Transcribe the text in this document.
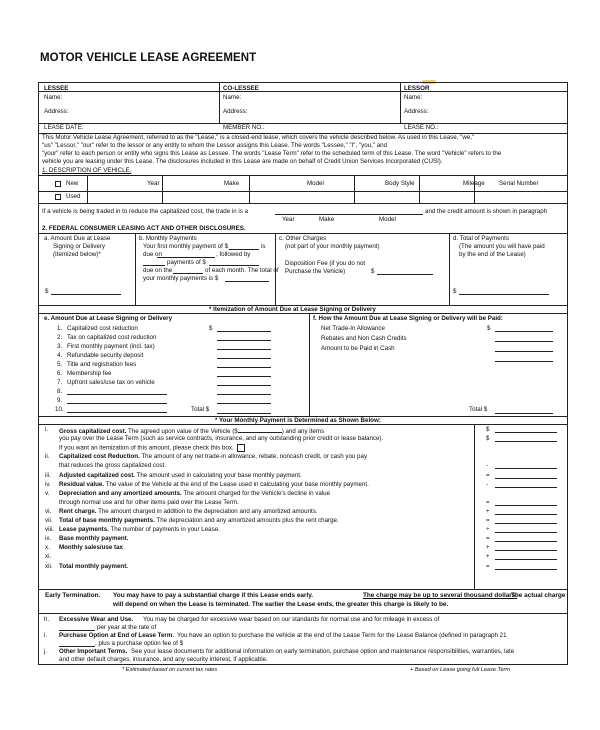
MOTOR VEHICLE LEASE AGREEMENT
LESSEE
Name:
Address:
LEASE DATE:
CO-LESSEE
Name:
Address:
MEMBER NO.:
LESSOR
Name:
Address:
LEASE NO.:
This Motor Vehicle Lease Agreement, referred to as the "Lease," is a closed-end lease, which covers the vehicle described below. As used in this Lease, "we,"
"us" "Lessor," "our" refer to the lessor or any entity to whom the Lessor assigns this Lease. The words "Lessee," "I", "you," and
"your" refer to each person or entity who signs this Lease as Lessee. The words "Lease Term" refer to the scheduled term of this Lease. The word "Vehicle" refers to the
vehicle you are leasing under this Lease. The disclosures included in this Lease are made on behalf of Credit Union Services Incorporated (CUSI).
1. DESCRIPTION OF VEHICLE.
New
Used
Year	Make	Model	Body Style	Mileage Serial Number
If a vehicle is being traded in to reduce the capitalized cost, the trade in is a	and the credit amount is shown in paragraph
Year	Make	Model
2. FEDERAL CONSUMER LEASING ACT AND OTHER DISCLOSURES.
a. Amount Due at Lease
Signing or Delivery
(Itemized below)*
$
b. Monthly Payments
Your first monthly payment of $	is
due on	, followed by
payments of $
due on the	of each month. The total of
your monthly payments is $
c. Other Charges
(not part of your monthly payment)
Disposition Fee (if you do not
Purchase the Vehicle)	$
d. Total of Payments
(The amount you will have paid
by the end of the Lease)
$
* Itemization of Amount Due at Lease Signing or Delivery
e. Amount Due at Lease Signing or Delivery
1. Capitalized cost reduction
2. Tax on capitalized cost reduction
3. First monthly payment (incl. tax)
4. Refundable security deposit
5. Title and registration fees
6. Membership fee
7. Upfront sales/use tax on vehicle
8.
9.
10.
$
Total $
f. How the Amount Due at Lease Signing or Delivery will be Paid:
Net Trade-In Allowance
Rebates and Non Cash Credits
Amount to be Paid in Cash
$
Total $
* Your Monthly Payment is Determined as Shown Below:
Early Termination. You may have to pay a substantial charge if this Lease ends early.	The charge may be up to several thousand dollars.
The actual charge
will depend on when the Lease is terminated. The earlier the Lease ends, the greater this charge is likely to be.
h. Excessive Wear and Use. You may be charged for excessive wear based on our standards for normal use and for mileage in excess of
per year at the rate of
i. Purchase Option at End of Lease Term. You have an option to purchase the vehicle at the end of the Lease Term for the Lease Balance (defined in paragraph 21
, plus a purchase option fee of $
j. Other Important Terms. See your lease documents for additional information on early termination, purchase option and maintenance responsibilities, warranties, late
and other default charges, insurance, and any security interest, if applicable.
i. Gross capitalized cost. The agreed upon value of the Vehicle ($	) and any items	$
you pay over the Lease Term (such as service contracts, insurance, and any outstanding prior credit or lease balance).	$
If you want an itemization of this amount, please check this box.
ii. Capitalized cost Reduction. The amount of any net trade-in allowance, rebate, noncash credit, or cash you pay
that reduces the gross capitalized cost.	-
iii. Adjusted capitalized cost. The amount used in calculating your base monthly payment.	=
iv. Residual value. The value of the Vehicle at the end of the Lease used in calculating your base monthly payment.	-
v. Depreciation and any amortized amounts. The amount charged for the Vehicle's decline in value
through normal use and for other items paid over the Lease Term.	=
vi. Rent charge. The amount charged in addition to the depreciation and any amortized amounts.	+
vii. Total of base monthly payments. The depreciation and any amortized amounts plus the rent charge.	=
viii. Lease payments. The number of payments in your Lease.	÷
ix. Base monthly payment.	=
x. Monthly sales/use tax	+
xi.	+
xii. Total monthly payment.	=
* Estimated based on current tax rates	+ Based on Lease going full Lease Term
